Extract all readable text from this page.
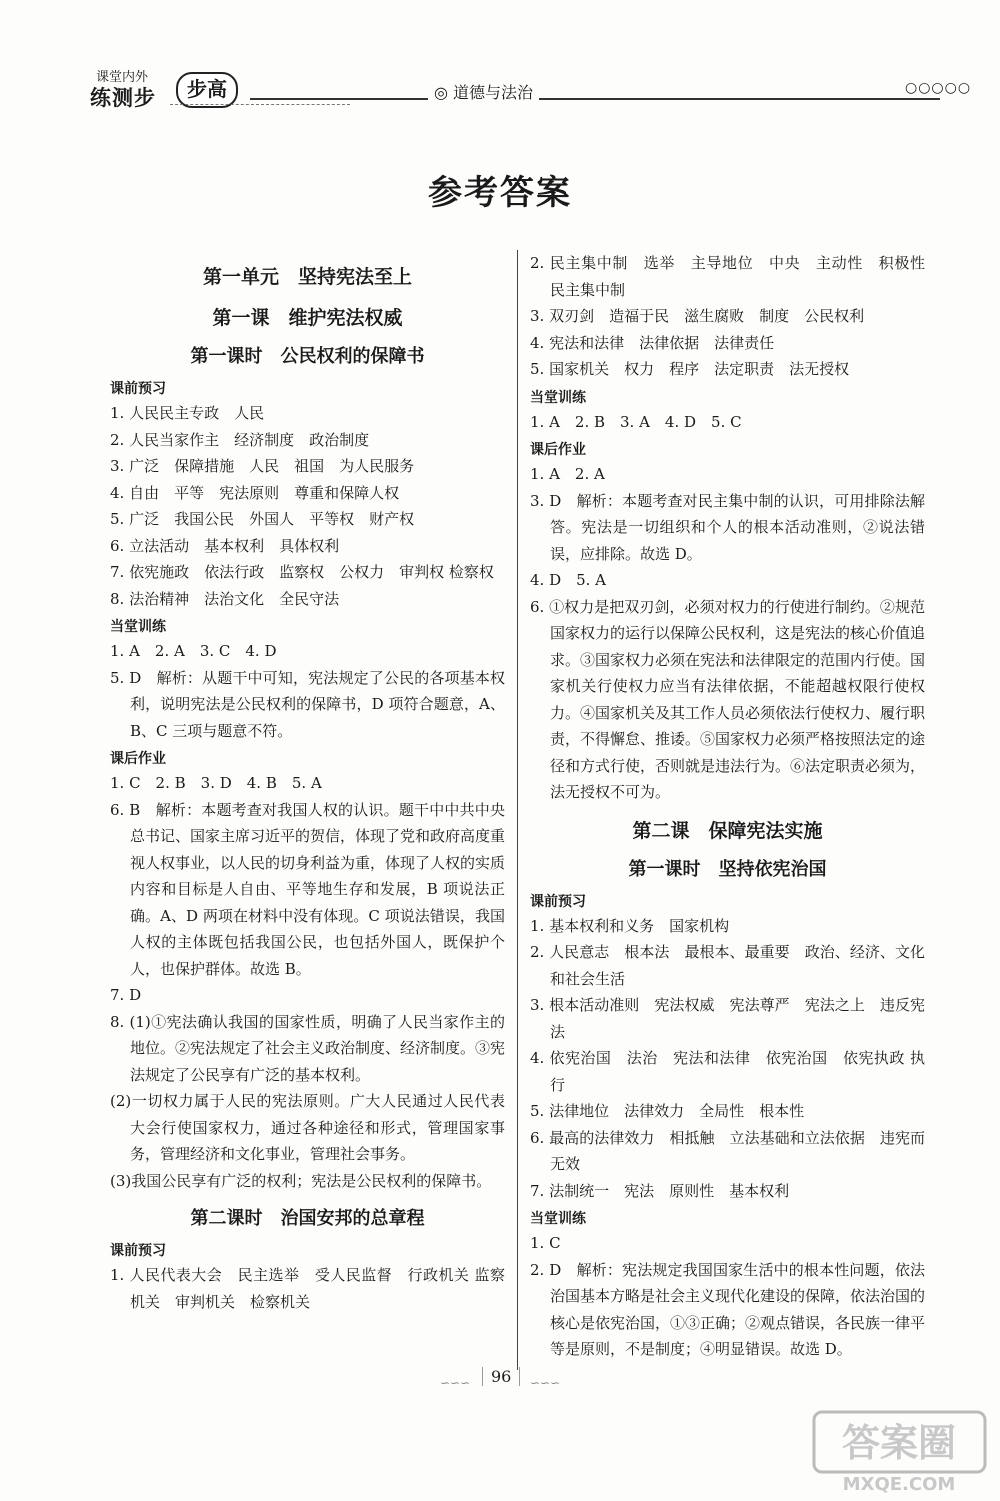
课堂内外
练测步	步高	◎ 道德与法治	○○○○○
参考答案
第一单元　坚持宪法至上
第一课　维护宪法权威
第一课时　公民权利的保障书
课前预习
1. 人民民主专政　人民
2. 人民当家作主　经济制度　政治制度
3. 广泛　保障措施　人民　祖国　为人民服务
4. 自由　平等　宪法原则　尊重和保障人权
5. 广泛　我国公民　外国人　平等权　财产权
6. 立法活动　基本权利　具体权利
7. 依宪施政　依法行政　监察权　公权力　审判权 检察权
8. 法治精神　法治文化　全民守法
当堂训练
1. A　2. A　3. C　4. D
5. D　解析：从题干中可知，宪法规定了公民的各项基本权利，说明宪法是公民权利的保障书，D 项符合题意，A、B、C 三项与题意不符。
课后作业
1. C　2. B　3. D　4. B　5. A
6. B　解析：本题考查对我国人权的认识。题干中中共中央总书记、国家主席习近平的贺信，体现了党和政府高度重视人权事业，以人民的切身利益为重，体现了人权的实质内容和目标是人自由、平等地生存和发展，B 项说法正确。A、D 两项在材料中没有体现。C 项说法错误，我国人权的主体既包括我国公民，也包括外国人，既保护个人，也保护群体。故选 B。
7. D
8. (1)①宪法确认我国的国家性质，明确了人民当家作主的地位。②宪法规定了社会主义政治制度、经济制度。③宪法规定了公民享有广泛的基本权利。
(2)一切权力属于人民的宪法原则。广大人民通过人民代表大会行使国家权力，通过各种途径和形式，管理国家事务，管理经济和文化事业，管理社会事务。
(3)我国公民享有广泛的权利；宪法是公民权利的保障书。
第二课时　治国安邦的总章程
课前预习
1. 人民代表大会　民主选举　受人民监督　行政机关 监察机关　审判机关　检察机关
2. 民主集中制　选举　主导地位　中央　主动性　积极性　民主集中制
3. 双刃剑　造福于民　滋生腐败　制度　公民权利
4. 宪法和法律　法律依据　法律责任
5. 国家机关　权力　程序　法定职责　法无授权
当堂训练
1. A　2. B　3. A　4. D　5. C
课后作业
1. A　2. A
3. D　解析：本题考查对民主集中制的认识，可用排除法解答。宪法是一切组织和个人的根本活动准则，②说法错误，应排除。故选 D。
4. D　5. A
6. ①权力是把双刃剑，必须对权力的行使进行制约。②规范国家权力的运行以保障公民权利，这是宪法的核心价值追求。③国家权力必须在宪法和法律限定的范围内行使。国家机关行使权力应当有法律依据，不能超越权限行使权力。④国家机关及其工作人员必须依法行使权力、履行职责，不得懈怠、推诿。⑤国家权力必须严格按照法定的途径和方式行使，否则就是违法行为。⑥法定职责必须为，法无授权不可为。
第二课　保障宪法实施
第一课时　坚持依宪治国
课前预习
1. 基本权利和义务　国家机构
2. 人民意志　根本法　最根本、最重要　政治、经济、文化和社会生活
3. 根本活动准则　宪法权威　宪法尊严　宪法之上　违反宪法
4. 依宪治国　法治　宪法和法律　依宪治国　依宪执政 执行
5. 法律地位　法律效力　全局性　根本性
6. 最高的法律效力　相抵触　立法基础和立法依据　违宪而无效
7. 法制统一　宪法　原则性　基本权利
当堂训练
1. C
2. D　解析：宪法规定我国国家生活中的根本性问题，依法治国基本方略是社会主义现代化建设的保障，依法治国的核心是依宪治国，①③正确；②观点错误，各民族一律平等是原则，不是制度；④明显错误。故选 D。
∽∽∽	96	∽∽∽
答案圈
MXQE.COM
